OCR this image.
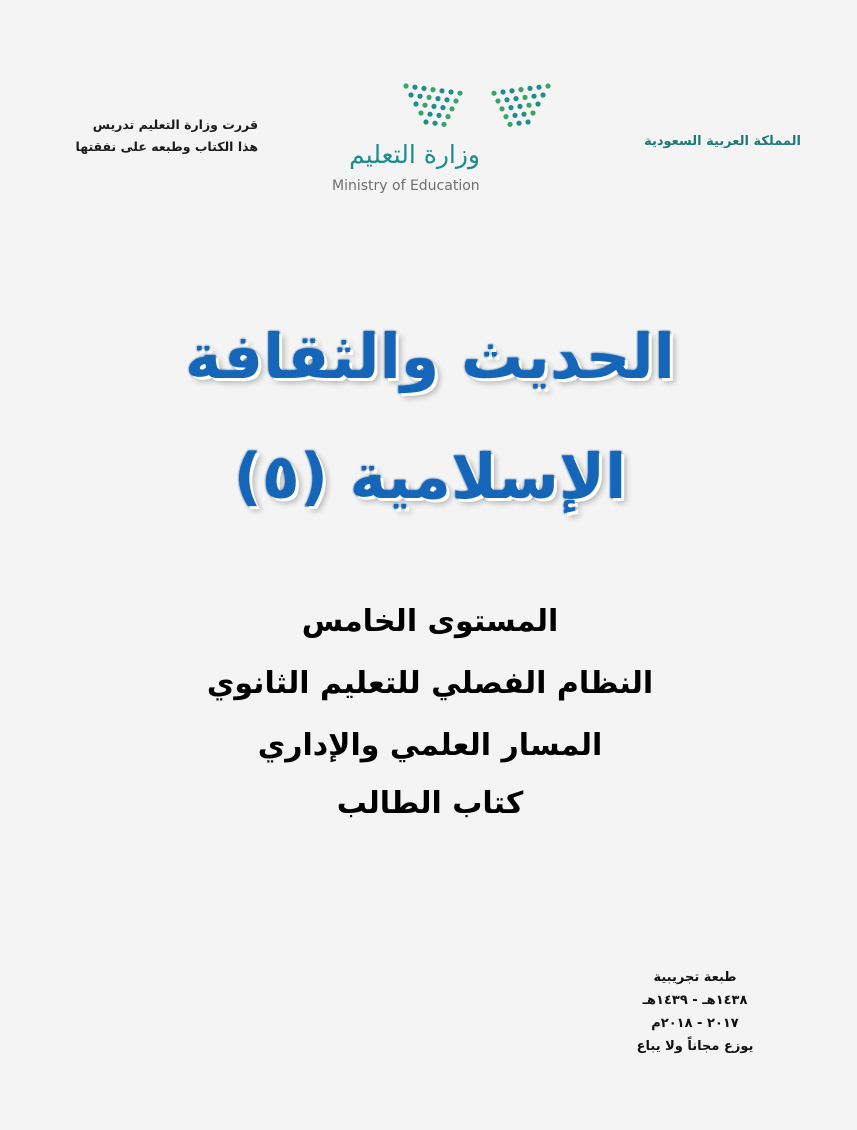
المملكة العربية السعودية
قررت وزارة التعليم تدريس
هذا الكتاب وطبعه على نفقتها	وزارة التعليم
Ministry of Education
الحديث والثقافة
الإسلامية (٥)
المستوى الخامس
النظام الفصلي للتعليم الثانوي
المسار العلمي والإداري
كتاب الطالب
طبعة تجريبية
١٤٣٨هـ - ١٤٣٩هـ
٢٠١٧ - ٢٠١٨م
يوزع مجاناً ولا يباع
